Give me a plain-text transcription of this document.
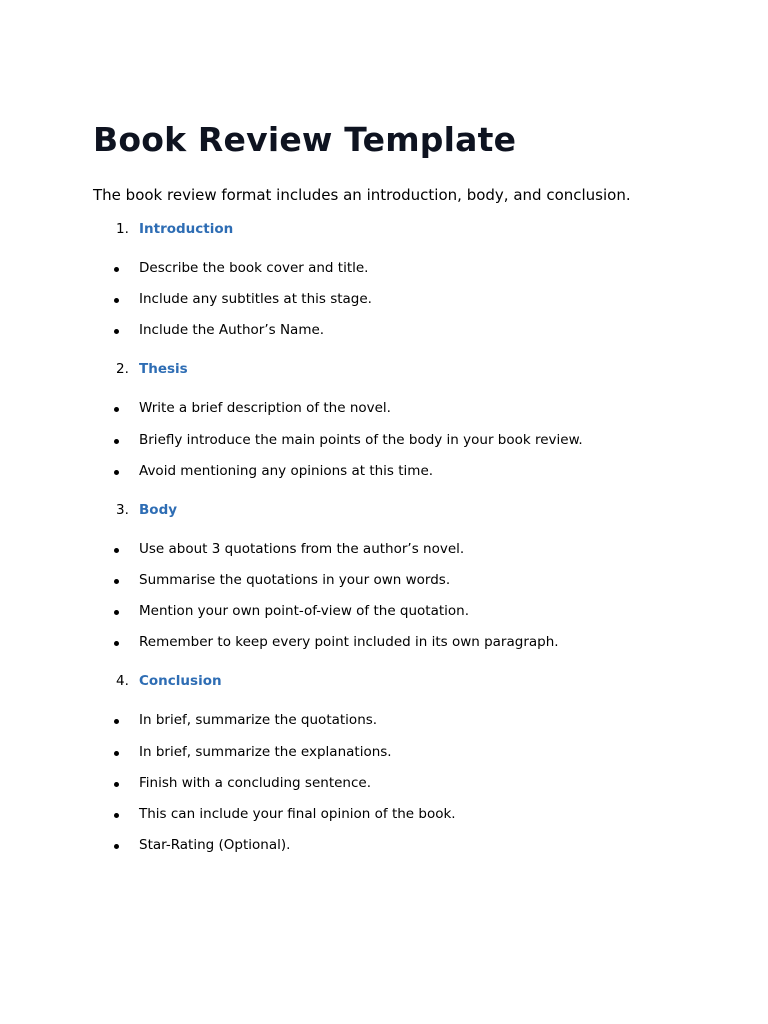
Book Review Template

The book review format includes an introduction, body, and conclusion.

1. Introduction
Describe the book cover and title.
Include any subtitles at this stage.
Include the Author’s Name.
2. Thesis
Write a brief description of the novel.
Briefly introduce the main points of the body in your book review.
Avoid mentioning any opinions at this time.
3. Body
Use about 3 quotations from the author’s novel.
Summarise the quotations in your own words.
Mention your own point-of-view of the quotation.
Remember to keep every point included in its own paragraph.
4. Conclusion
In brief, summarize the quotations.
In brief, summarize the explanations.
Finish with a concluding sentence.
This can include your final opinion of the book.
Star-Rating (Optional).
